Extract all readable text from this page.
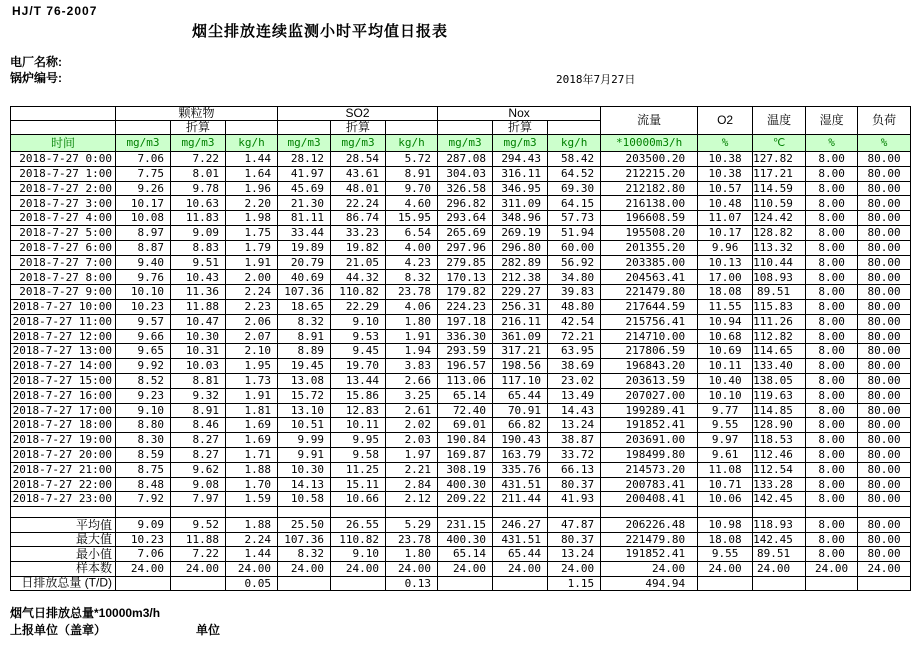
HJ/T 76-2007
烟尘排放连续监测小时平均值日报表
电厂名称:
锅炉编号:	2018年7月27日
	颗粒物			SO2			Nox			流量	O2	温度	湿度	负荷
		折算			折算			折算						
时间	mg/m3	mg/m3	kg/h	mg/m3	mg/m3	kg/h	mg/m3	mg/m3	kg/h	*10000m3/h	%	℃	%	%
2018-7-27 0:00	7.06	7.22	1.44	28.12	28.54	5.72	287.08	294.43	58.42	203500.20	10.38	127.82	8.00	80.00
2018-7-27 1:00	7.75	8.01	1.64	41.97	43.61	8.91	304.03	316.11	64.52	212215.20	10.38	117.21	8.00	80.00
2018-7-27 2:00	9.26	9.78	1.96	45.69	48.01	9.70	326.58	346.95	69.30	212182.80	10.57	114.59	8.00	80.00
2018-7-27 3:00	10.17	10.63	2.20	21.30	22.24	4.60	296.82	311.09	64.15	216138.00	10.48	110.59	8.00	80.00
2018-7-27 4:00	10.08	11.83	1.98	81.11	86.74	15.95	293.64	348.96	57.73	196608.59	11.07	124.42	8.00	80.00
2018-7-27 5:00	8.97	9.09	1.75	33.44	33.23	6.54	265.69	269.19	51.94	195508.20	10.17	128.82	8.00	80.00
2018-7-27 6:00	8.87	8.83	1.79	19.89	19.82	4.00	297.96	296.80	60.00	201355.20	9.96	113.32	8.00	80.00
2018-7-27 7:00	9.40	9.51	1.91	20.79	21.05	4.23	279.85	282.89	56.92	203385.00	10.13	110.44	8.00	80.00
2018-7-27 8:00	9.76	10.43	2.00	40.69	44.32	8.32	170.13	212.38	34.80	204563.41	17.00	108.93	8.00	80.00
2018-7-27 9:00	10.10	11.36	2.24	107.36	110.82	23.78	179.82	229.27	39.83	221479.80	18.08	89.51	8.00	80.00
2018-7-27 10:00	10.23	11.88	2.23	18.65	22.29	4.06	224.23	256.31	48.80	217644.59	11.55	115.83	8.00	80.00
2018-7-27 11:00	9.57	10.47	2.06	8.32	9.10	1.80	197.18	216.11	42.54	215756.41	10.94	111.26	8.00	80.00
2018-7-27 12:00	9.66	10.30	2.07	8.91	9.53	1.91	336.30	361.09	72.21	214710.00	10.68	112.82	8.00	80.00
2018-7-27 13:00	9.65	10.31	2.10	8.89	9.45	1.94	293.59	317.21	63.95	217806.59	10.69	114.65	8.00	80.00
2018-7-27 14:00	9.92	10.03	1.95	19.45	19.70	3.83	196.57	198.56	38.69	196843.20	10.11	133.40	8.00	80.00
2018-7-27 15:00	8.52	8.81	1.73	13.08	13.44	2.66	113.06	117.10	23.02	203613.59	10.40	138.05	8.00	80.00
2018-7-27 16:00	9.23	9.32	1.91	15.72	15.86	3.25	65.14	65.44	13.49	207027.00	10.10	119.63	8.00	80.00
2018-7-27 17:00	9.10	8.91	1.81	13.10	12.83	2.61	72.40	70.91	14.43	199289.41	9.77	114.85	8.00	80.00
2018-7-27 18:00	8.80	8.46	1.69	10.51	10.11	2.02	69.01	66.82	13.24	191852.41	9.55	128.90	8.00	80.00
2018-7-27 19:00	8.30	8.27	1.69	9.99	9.95	2.03	190.84	190.43	38.87	203691.00	9.97	118.53	8.00	80.00
2018-7-27 20:00	8.59	8.27	1.71	9.91	9.58	1.97	169.87	163.79	33.72	198499.80	9.61	112.46	8.00	80.00
2018-7-27 21:00	8.75	9.62	1.88	10.30	11.25	2.21	308.19	335.76	66.13	214573.20	11.08	112.54	8.00	80.00
2018-7-27 22:00	8.48	9.08	1.70	14.13	15.11	2.84	400.30	431.51	80.37	200783.41	10.71	133.28	8.00	80.00
2018-7-27 23:00	7.92	7.97	1.59	10.58	10.66	2.12	209.22	211.44	41.93	200408.41	10.06	142.45	8.00	80.00

平均值	9.09	9.52	1.88	25.50	26.55	5.29	231.15	246.27	47.87	206226.48	10.98	118.93	8.00	80.00
最大值	10.23	11.88	2.24	107.36	110.82	23.78	400.30	431.51	80.37	221479.80	18.08	142.45	8.00	80.00
最小值	7.06	7.22	1.44	8.32	9.10	1.80	65.14	65.44	13.24	191852.41	9.55	89.51	8.00	80.00
样本数	24.00	24.00	24.00	24.00	24.00	24.00	24.00	24.00	24.00	24.00	24.00	24.00	24.00	24.00

日排放总量 (T/D)			0.05			0.13			1.15	494.94				
烟气日排放总量*10000m3/h
上报单位（盖章）	单位
